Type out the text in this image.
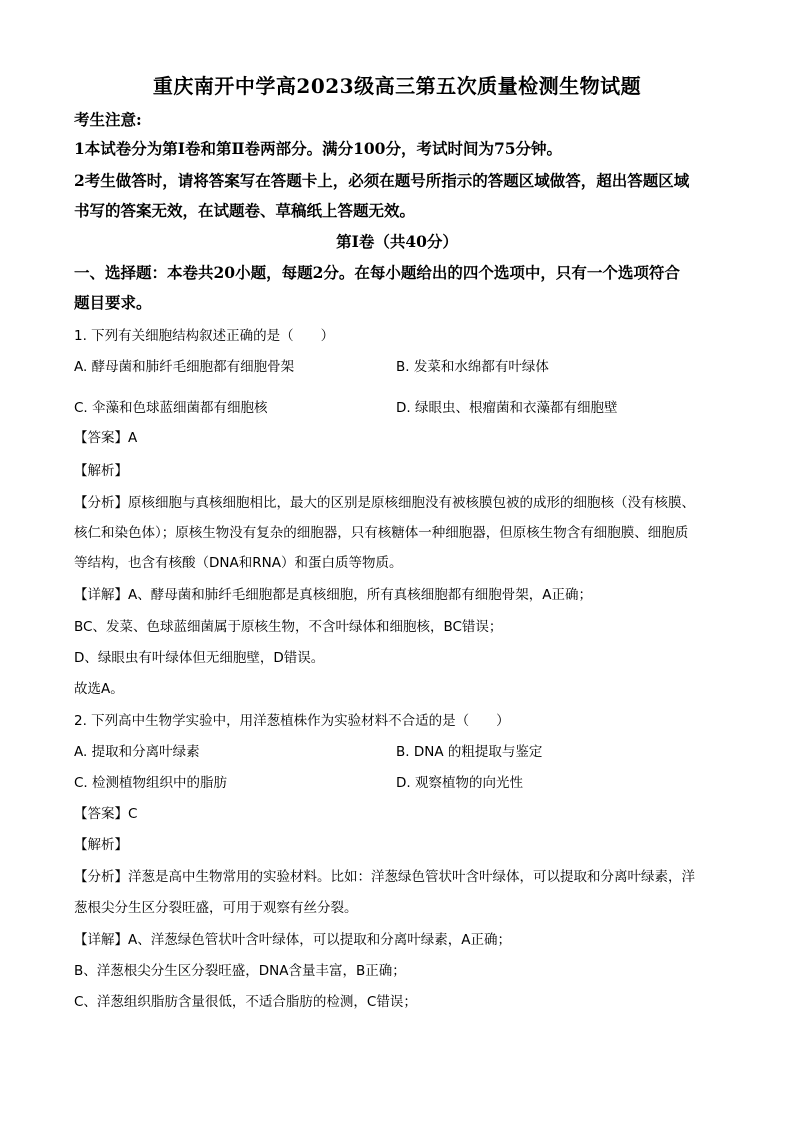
重庆南开中学高2023级高三第五次质量检测生物试题
考生注意:
1本试卷分为第Ⅰ卷和第Ⅱ卷两部分。满分100分，考试时间为75分钟。
2考生做答时，请将答案写在答题卡上，必须在题号所指示的答题区域做答，超出答题区域
书写的答案无效，在试题卷、草稿纸上答题无效。
第Ⅰ卷（共40分）
一、选择题：本卷共20小题，每题2分。在每小题给出的四个选项中，只有一个选项符合
题目要求。
1. 下列有关细胞结构叙述正确的是（　　）
A. 酵母菌和肺纤毛细胞都有细胞骨架	B. 发菜和水绵都有叶绿体
C. 伞藻和色球蓝细菌都有细胞核	D. 绿眼虫、根瘤菌和衣藻都有细胞壁
【答案】A
【解析】
【分析】原核细胞与真核细胞相比，最大的区别是原核细胞没有被核膜包被的成形的细胞核（没有核膜、
核仁和染色体）；原核生物没有复杂的细胞器，只有核糖体一种细胞器，但原核生物含有细胞膜、细胞质
等结构，也含有核酸（DNA和RNA）和蛋白质等物质。
【详解】A、酵母菌和肺纤毛细胞都是真核细胞，所有真核细胞都有细胞骨架，A正确；
BC、发菜、色球蓝细菌属于原核生物，不含叶绿体和细胞核，BC错误；
D、绿眼虫有叶绿体但无细胞壁，D错误。
故选A。
2. 下列高中生物学实验中，用洋葱植株作为实验材料不合适的是（　　）
A. 提取和分离叶绿素	B. DNA 的粗提取与鉴定
C. 检测植物组织中的脂肪	D. 观察植物的向光性
【答案】C
【解析】
【分析】洋葱是高中生物常用的实验材料。比如：洋葱绿色管状叶含叶绿体，可以提取和分离叶绿素，洋
葱根尖分生区分裂旺盛，可用于观察有丝分裂。
【详解】A、洋葱绿色管状叶含叶绿体，可以提取和分离叶绿素，A正确；
B、洋葱根尖分生区分裂旺盛，DNA含量丰富，B正确；
C、洋葱组织脂肪含量很低，不适合脂肪的检测，C错误；
